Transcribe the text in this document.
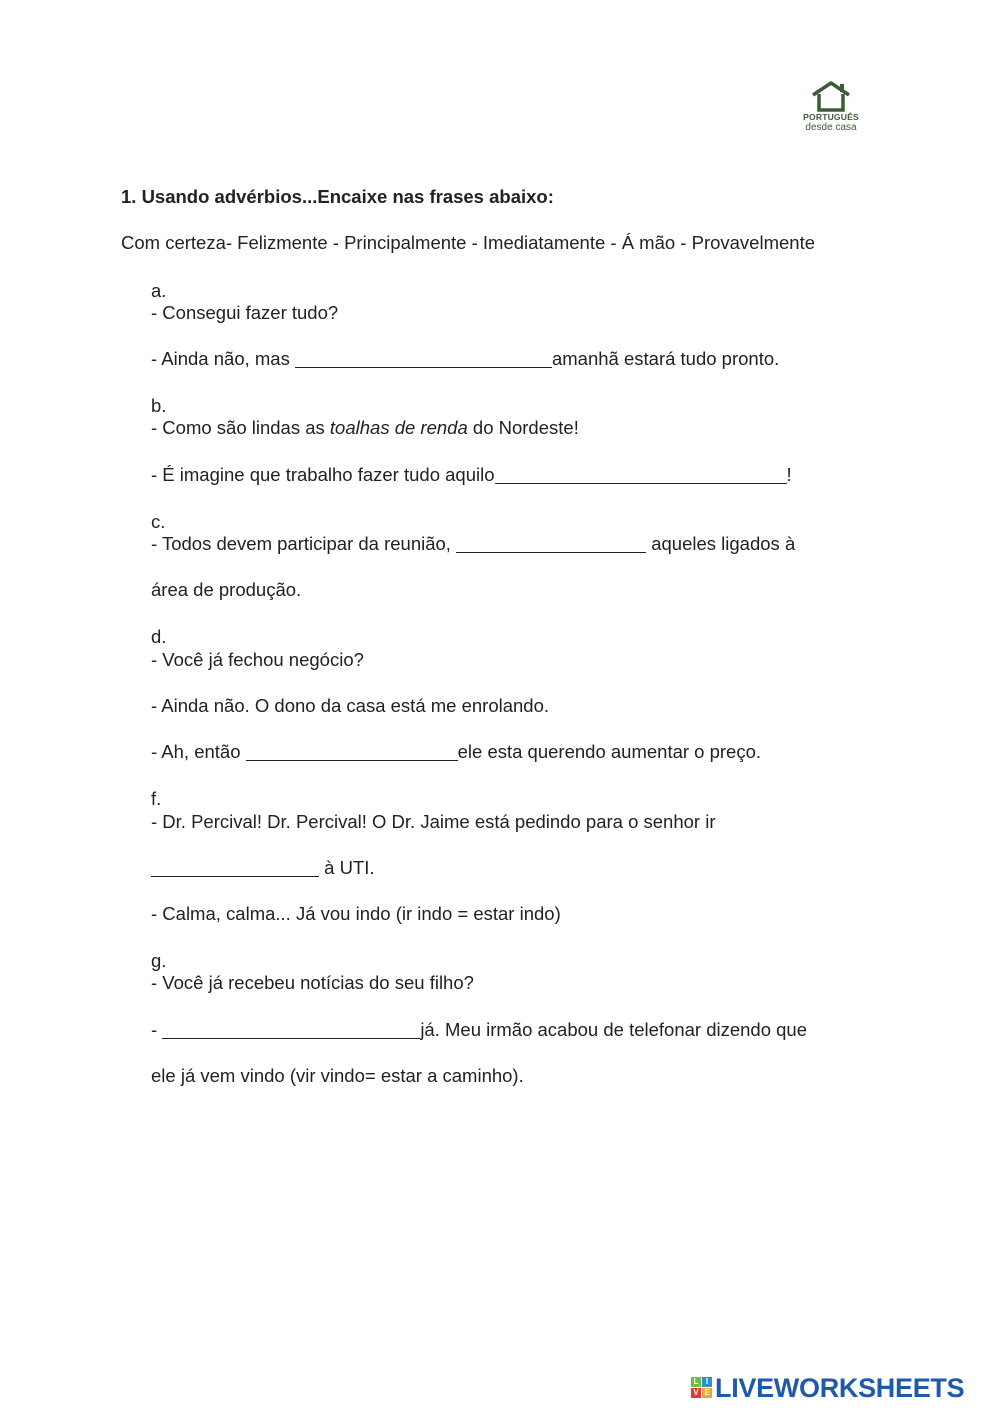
PORTUGUÊS
desde casa
1. Usando advérbios...Encaixe nas frases abaixo:
Com certeza- Felizmente - Principalmente - Imediatamente - Á mão - Provavelmente
a.
- Consegui fazer tudo?
- Ainda não, mas	amanhã estará tudo pronto.
b.
- Como são lindas as toalhas de renda do Nordeste!
- É imagine que trabalho fazer tudo aquilo	!
c.
- Todos devem participar da reunião,	aqueles ligados à
área de produção.
d.
- Você já fechou negócio?
- Ainda não. O dono da casa está me enrolando.
- Ah, então	ele esta querendo aumentar o preço.
f.
- Dr. Percival! Dr. Percival! O Dr. Jaime está pedindo para o senhor ir
à UTI.
- Calma, calma... Já vou indo (ir indo = estar indo)
g.
- Você já recebeu notícias do seu filho?
-	já. Meu irmão acabou de telefonar dizendo que
ele já vem vindo (vir vindo= estar a caminho).
L I
V E LIVEWORKSHEETS
